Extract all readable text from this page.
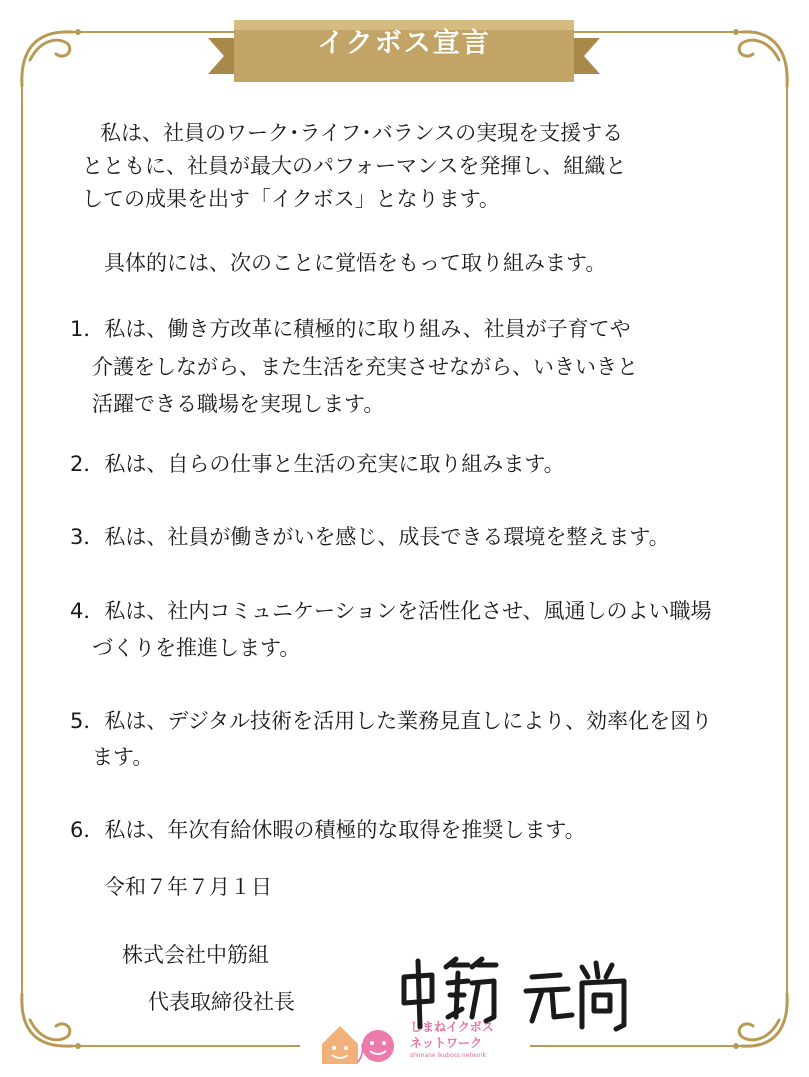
イクボス宣言
私は、社員のワーク･ライフ･バランスの実現を支援する
とともに、社員が最大のパフォーマンスを発揮し、組織と
しての成果を出す「イクボス」となります。
具体的には、次のことに覚悟をもって取り組みます。
1．私は、働き方改革に積極的に取り組み、社員が子育てや
介護をしながら、また生活を充実させながら、いきいきと
活躍できる職場を実現します。
2．私は、自らの仕事と生活の充実に取り組みます。
3．私は、社員が働きがいを感じ、成長できる環境を整えます。
4．私は、社内コミュニケーションを活性化させ、風通しのよい職場
づくりを推進します。
5．私は、デジタル技術を活用した業務見直しにより、効率化を図り
ます。
6．私は、年次有給休暇の積極的な取得を推奨します。
令和７年７月１日
株式会社中筋組
代表取締役社長
しまねイクボス
ネットワーク
shimane ikuboss network
